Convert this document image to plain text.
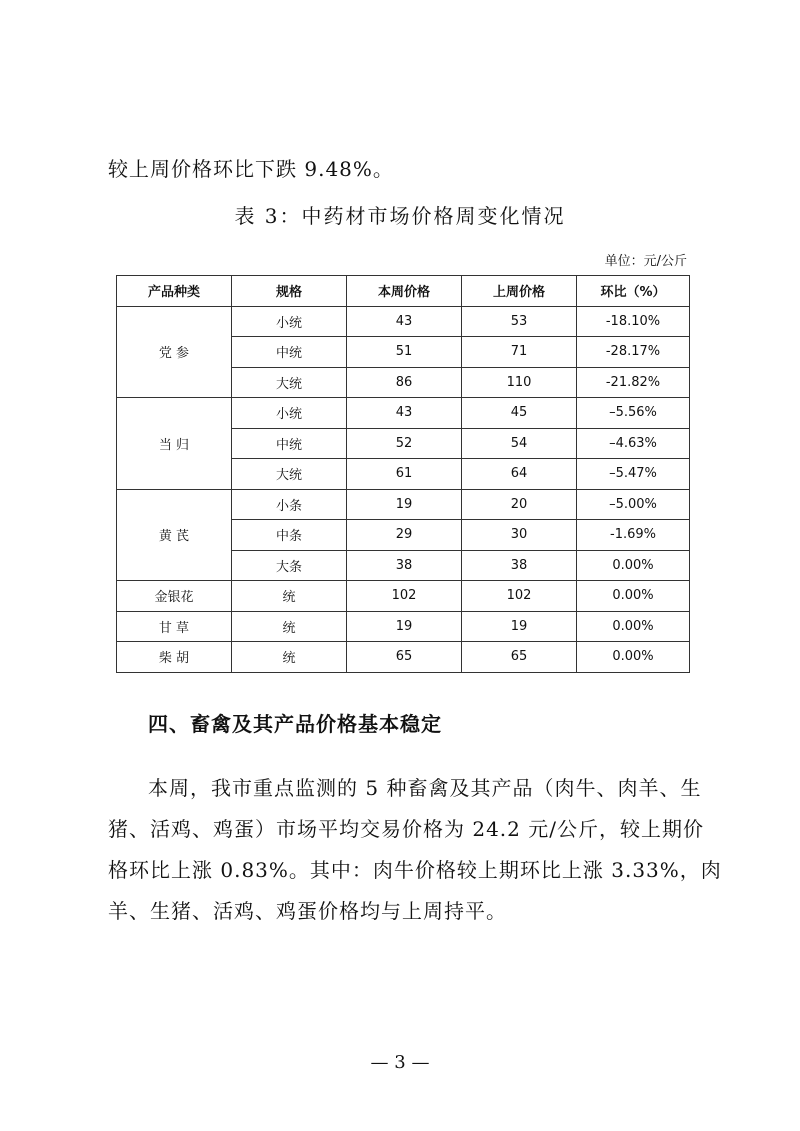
较上周价格环比下跌 9.48%。
表 3：中药材市场价格周变化情况
单位：元/公斤
产品种类	规格	本周价格	上周价格	环比（%）
党 参	小统	43	53	-18.10%
	中统	51	71	-28.17%
	大统	86	110	-21.82%
当 归	小统	43	45	–5.56%
	中统	52	54	–4.63%
	大统	61	64	–5.47%
黄 芪	小条	19	20	–5.00%
	中条	29	30	-1.69%
	大条	38	38	0.00%
金银花	统	102	102	0.00%
甘 草	统	19	19	0.00%
柴 胡	统	65	65	0.00%
四、畜禽及其产品价格基本稳定
本周，我市重点监测的 5 种畜禽及其产品（肉牛、肉羊、生
猪、活鸡、鸡蛋）市场平均交易价格为 24.2 元/公斤，较上期价
格环比上涨 0.83%。其中：肉牛价格较上期环比上涨 3.33%，肉
羊、生猪、活鸡、鸡蛋价格均与上周持平。
— 3 —
